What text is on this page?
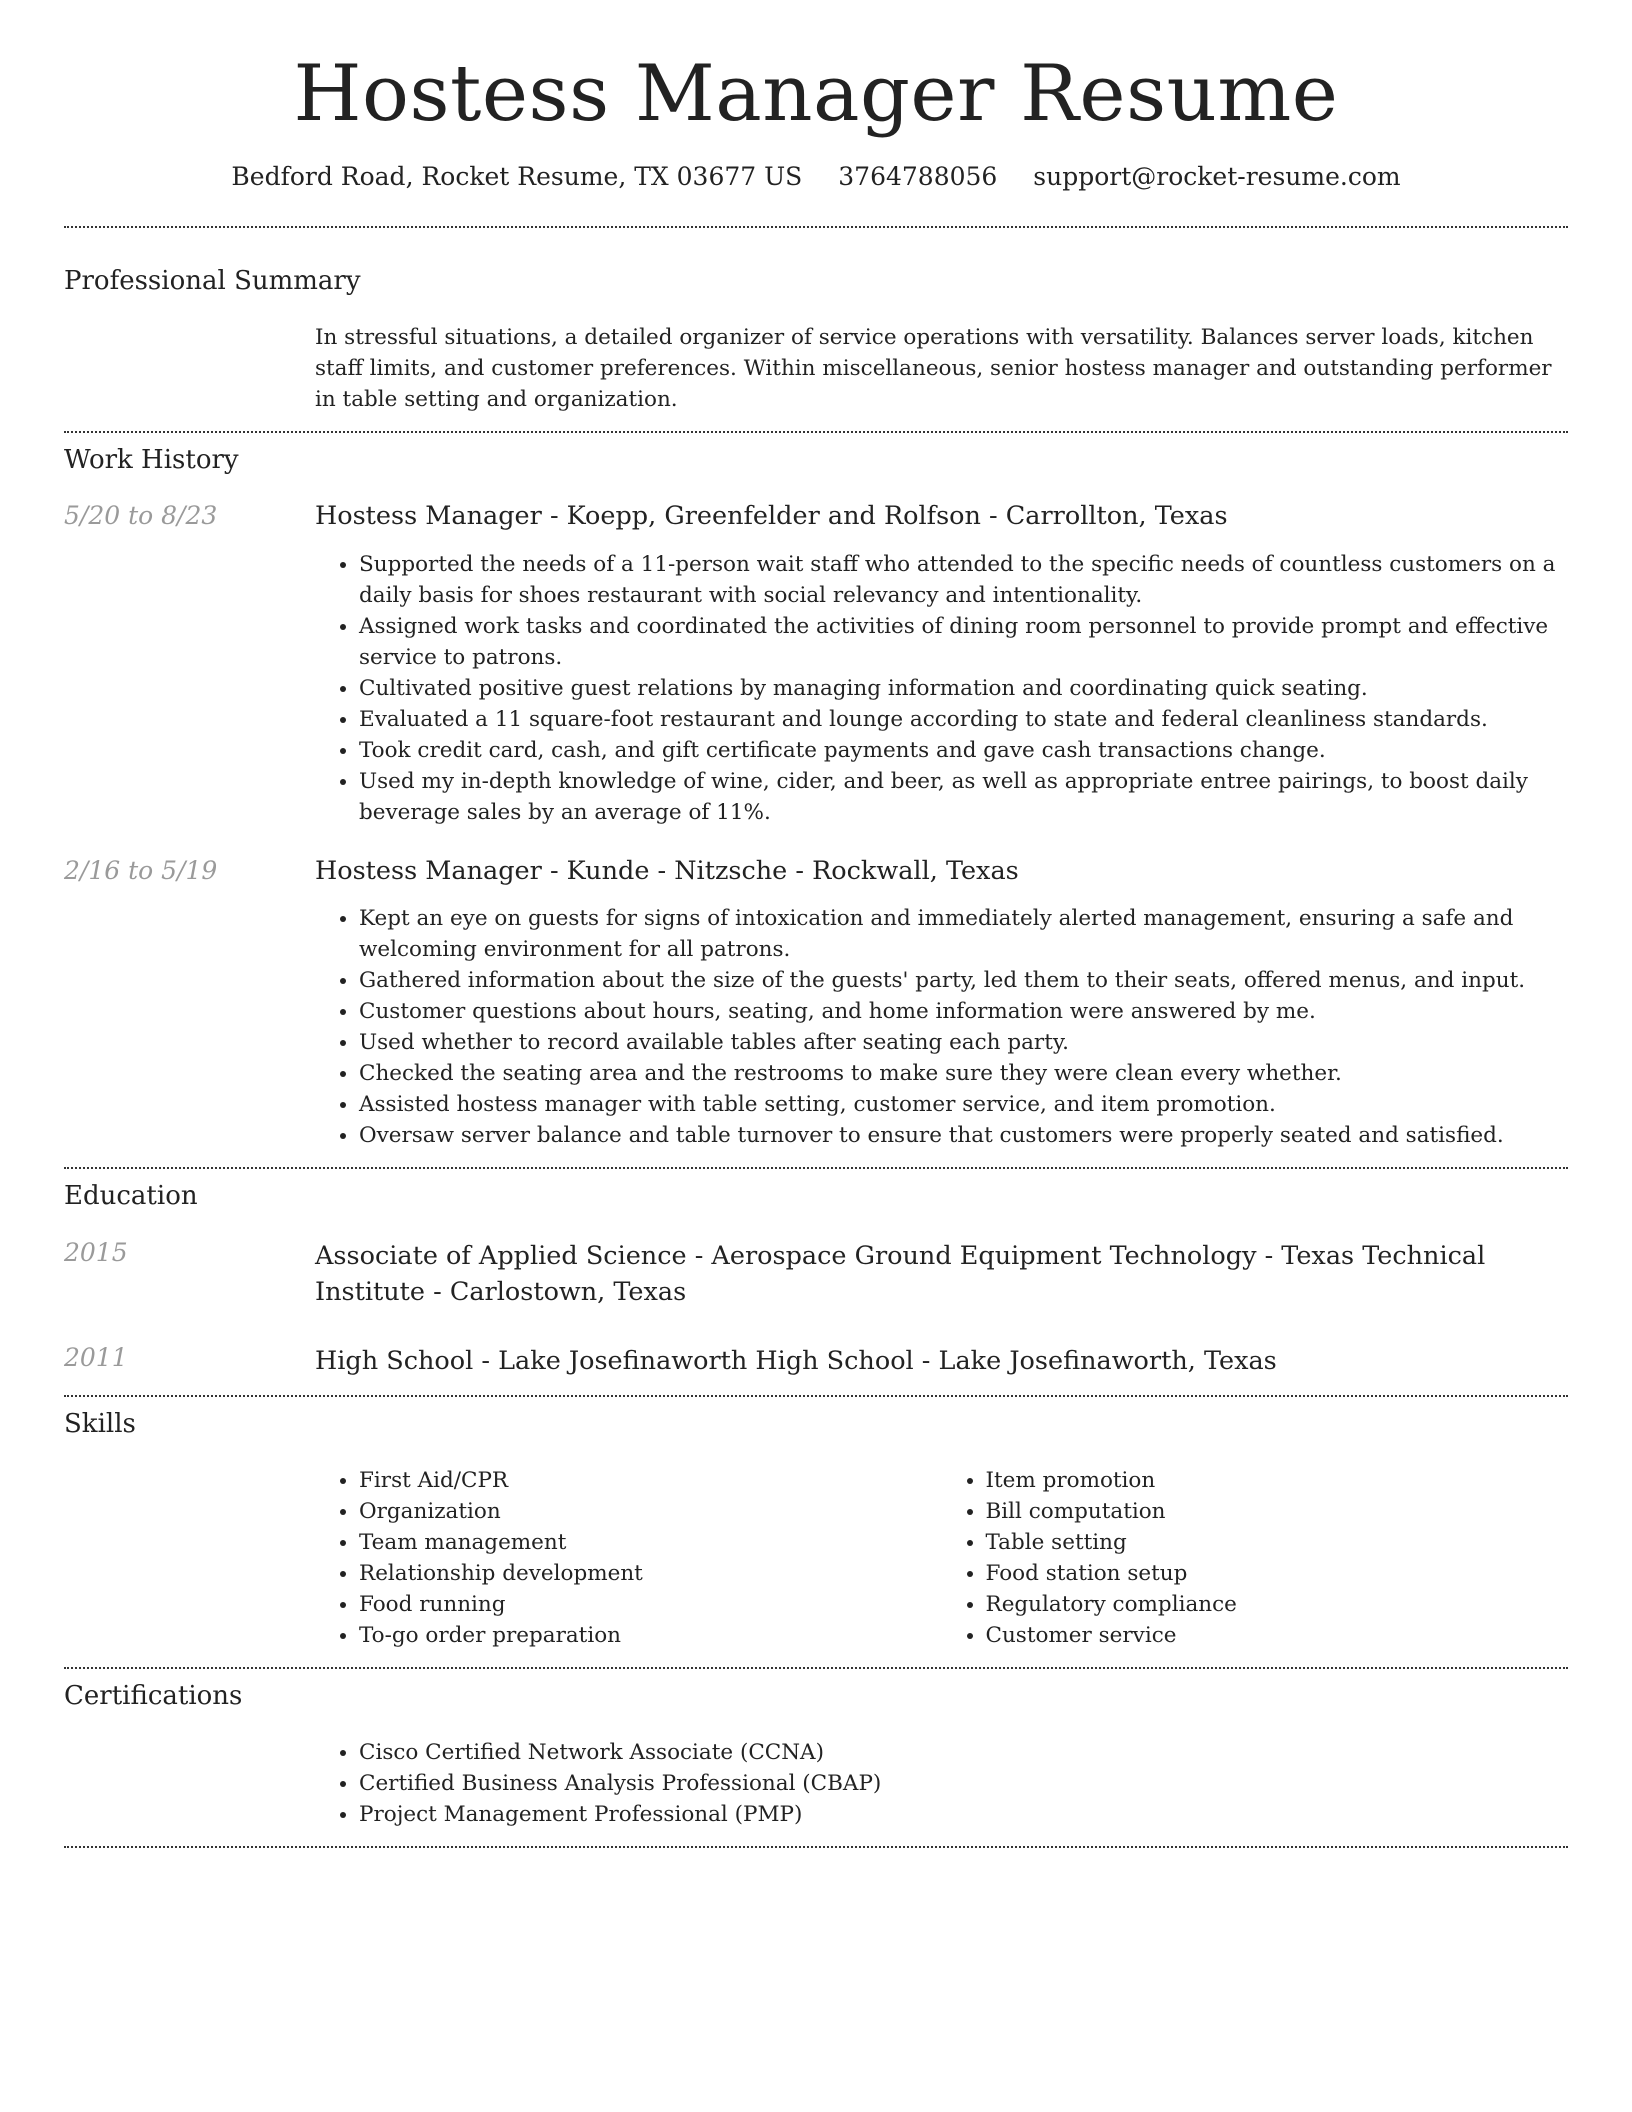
Hostess Manager Resume
Bedford Road, Rocket Resume, TX 03677 US 3764788056 support@rocket-resume.com
Professional Summary
In stressful situations, a detailed organizer of service operations with versatility. Balances server loads, kitchen staff limits, and customer preferences. Within miscellaneous, senior hostess manager and outstanding performer in table setting and organization.
Work History
5/20 to 8/23	Hostess Manager - Koepp, Greenfelder and Rolfson - Carrollton, Texas
• Supported the needs of a 11-person wait staff who attended to the specific needs of countless customers on a daily basis for shoes restaurant with social relevancy and intentionality.
• Assigned work tasks and coordinated the activities of dining room personnel to provide prompt and effective service to patrons.
• Cultivated positive guest relations by managing information and coordinating quick seating.
• Evaluated a 11 square-foot restaurant and lounge according to state and federal cleanliness standards.
• Took credit card, cash, and gift certificate payments and gave cash transactions change.
• Used my in-depth knowledge of wine, cider, and beer, as well as appropriate entree pairings, to boost daily beverage sales by an average of 11%.
2/16 to 5/19	Hostess Manager - Kunde - Nitzsche - Rockwall, Texas
• Kept an eye on guests for signs of intoxication and immediately alerted management, ensuring a safe and welcoming environment for all patrons.
• Gathered information about the size of the guests' party, led them to their seats, offered menus, and input.
• Customer questions about hours, seating, and home information were answered by me.
• Used whether to record available tables after seating each party.
• Checked the seating area and the restrooms to make sure they were clean every whether.
• Assisted hostess manager with table setting, customer service, and item promotion.
• Oversaw server balance and table turnover to ensure that customers were properly seated and satisfied.
Education
2015	Associate of Applied Science - Aerospace Ground Equipment Technology - Texas Technical Institute - Carlostown, Texas
2011	High School - Lake Josefinaworth High School - Lake Josefinaworth, Texas
Skills
• First Aid/CPR
• Organization
• Team management
• Relationship development
• Food running
• To-go order preparation
• Item promotion
• Bill computation
• Table setting
• Food station setup
• Regulatory compliance
• Customer service
Certifications
• Cisco Certified Network Associate (CCNA)
• Certified Business Analysis Professional (CBAP)
• Project Management Professional (PMP)
